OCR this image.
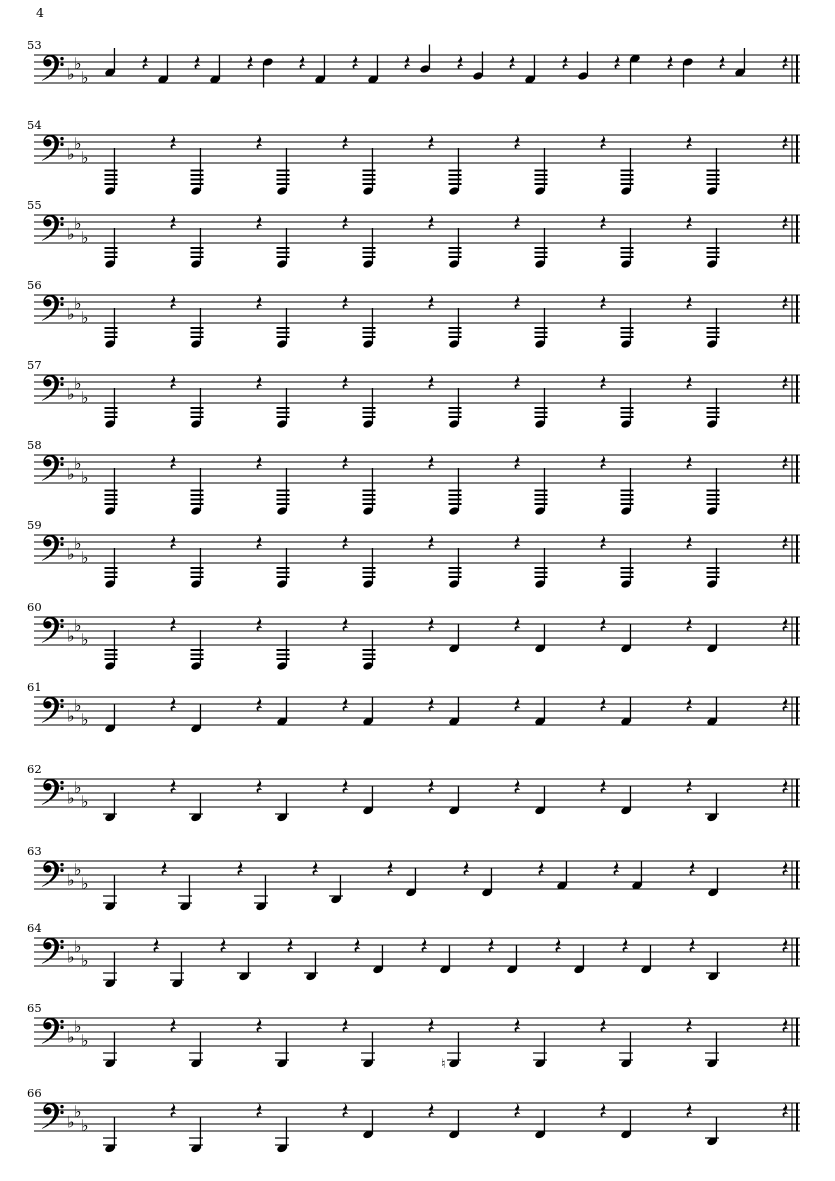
4
53
♭
♭
♭
54
♭
♭
♭
55
♭
♭
♭
56
♭
♭
♭
57
♭
♭
♭
58
♭
♭
♭
59
♭
♭
♭
60
♭
♭
♭
61
♭
♭
♭
62
♭
♭
♭
63
♭
♭
♭
64
♭
♭
♭
65
♭
♭
♭
♮
66
♭
♭
♭
